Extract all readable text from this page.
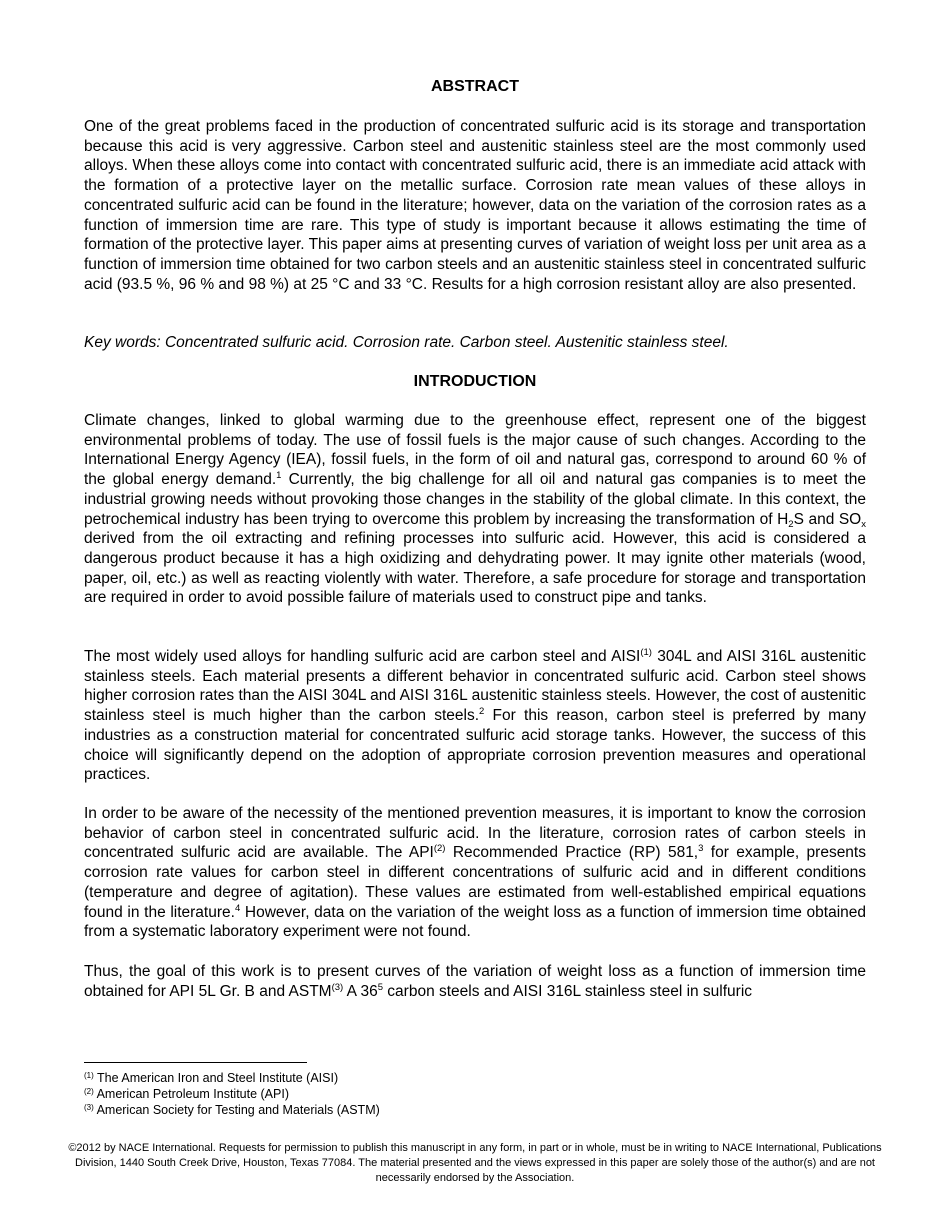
ABSTRACT

One of the great problems faced in the production of concentrated sulfuric acid is its storage and transportation because this acid is very aggressive. Carbon steel and austenitic stainless steel are the most commonly used alloys. When these alloys come into contact with concentrated sulfuric acid, there is an immediate acid attack with the formation of a protective layer on the metallic surface. Corrosion rate mean values of these alloys in concentrated sulfuric acid can be found in the literature; however, data on the variation of the corrosion rates as a function of immersion time are rare. This type of study is important because it allows estimating the time of formation of the protective layer. This paper aims at presenting curves of variation of weight loss per unit area as a function of immersion time obtained for two carbon steels and an austenitic stainless steel in concentrated sulfuric acid (93.5 %, 96 % and 98 %) at 25 °C and 33 °C. Results for a high corrosion resistant alloy are also presented.

Key words: Concentrated sulfuric acid. Corrosion rate. Carbon steel. Austenitic stainless steel.

INTRODUCTION

Climate changes, linked to global warming due to the greenhouse effect, represent one of the biggest environmental problems of today. The use of fossil fuels is the major cause of such changes. According to the International Energy Agency (IEA), fossil fuels, in the form of oil and natural gas, correspond to around 60 % of the global energy demand.$^1$ Currently, the big challenge for all oil and natural gas companies is to meet the industrial growing needs without provoking those changes in the stability of the global climate. In this context, the petrochemical industry has been trying to overcome this problem by increasing the transformation of $H_2S$ and $SO_x$ derived from the oil extracting and refining processes into sulfuric acid. However, this acid is considered a dangerous product because it has a high oxidizing and dehydrating power. It may ignite other materials (wood, paper, oil, etc.) as well as reacting violently with water. Therefore, a safe procedure for storage and transportation are required in order to avoid possible failure of materials used to construct pipe and tanks.

The most widely used alloys for handling sulfuric acid are carbon steel and AISI$^{(1)}$ 304L and AISI 316L austenitic stainless steels. Each material presents a different behavior in concentrated sulfuric acid. Carbon steel shows higher corrosion rates than the AISI 304L and AISI 316L austenitic stainless steels. However, the cost of austenitic stainless steel is much higher than the carbon steels.$^2$ For this reason, carbon steel is preferred by many industries as a construction material for concentrated sulfuric acid storage tanks. However, the success of this choice will significantly depend on the adoption of appropriate corrosion prevention measures and operational practices.

In order to be aware of the necessity of the mentioned prevention measures, it is important to know the corrosion behavior of carbon steel in concentrated sulfuric acid. In the literature, corrosion rates of carbon steels in concentrated sulfuric acid are available. The API$^{(2)}$ Recommended Practice (RP) 581,$^3$ for example, presents corrosion rate values for carbon steel in different concentrations of sulfuric acid and in different conditions (temperature and degree of agitation). These values are estimated from well-established empirical equations found in the literature.$^4$ However, data on the variation of the weight loss as a function of immersion time obtained from a systematic laboratory experiment were not found.

Thus, the goal of this work is to present curves of the variation of weight loss as a function of immersion time obtained for API 5L Gr. B and ASTM$^{(3)}$ A $36^5$ carbon steels and AISI 316L stainless steel in sulfuric

$^{(1)}$ The American Iron and Steel Institute (AISI)
$^{(2)}$ American Petroleum Institute (API)
$^{(3)}$ American Society for Testing and Materials (ASTM)
©2012 by NACE International. Requests for permission to publish this manuscript in any form, in part or in whole, must be in writing to NACE International, Publications Division, 1440 South Creek Drive, Houston, Texas 77084. The material presented and the views expressed in this paper are solely those of the author(s) and are not necessarily endorsed by the Association.
